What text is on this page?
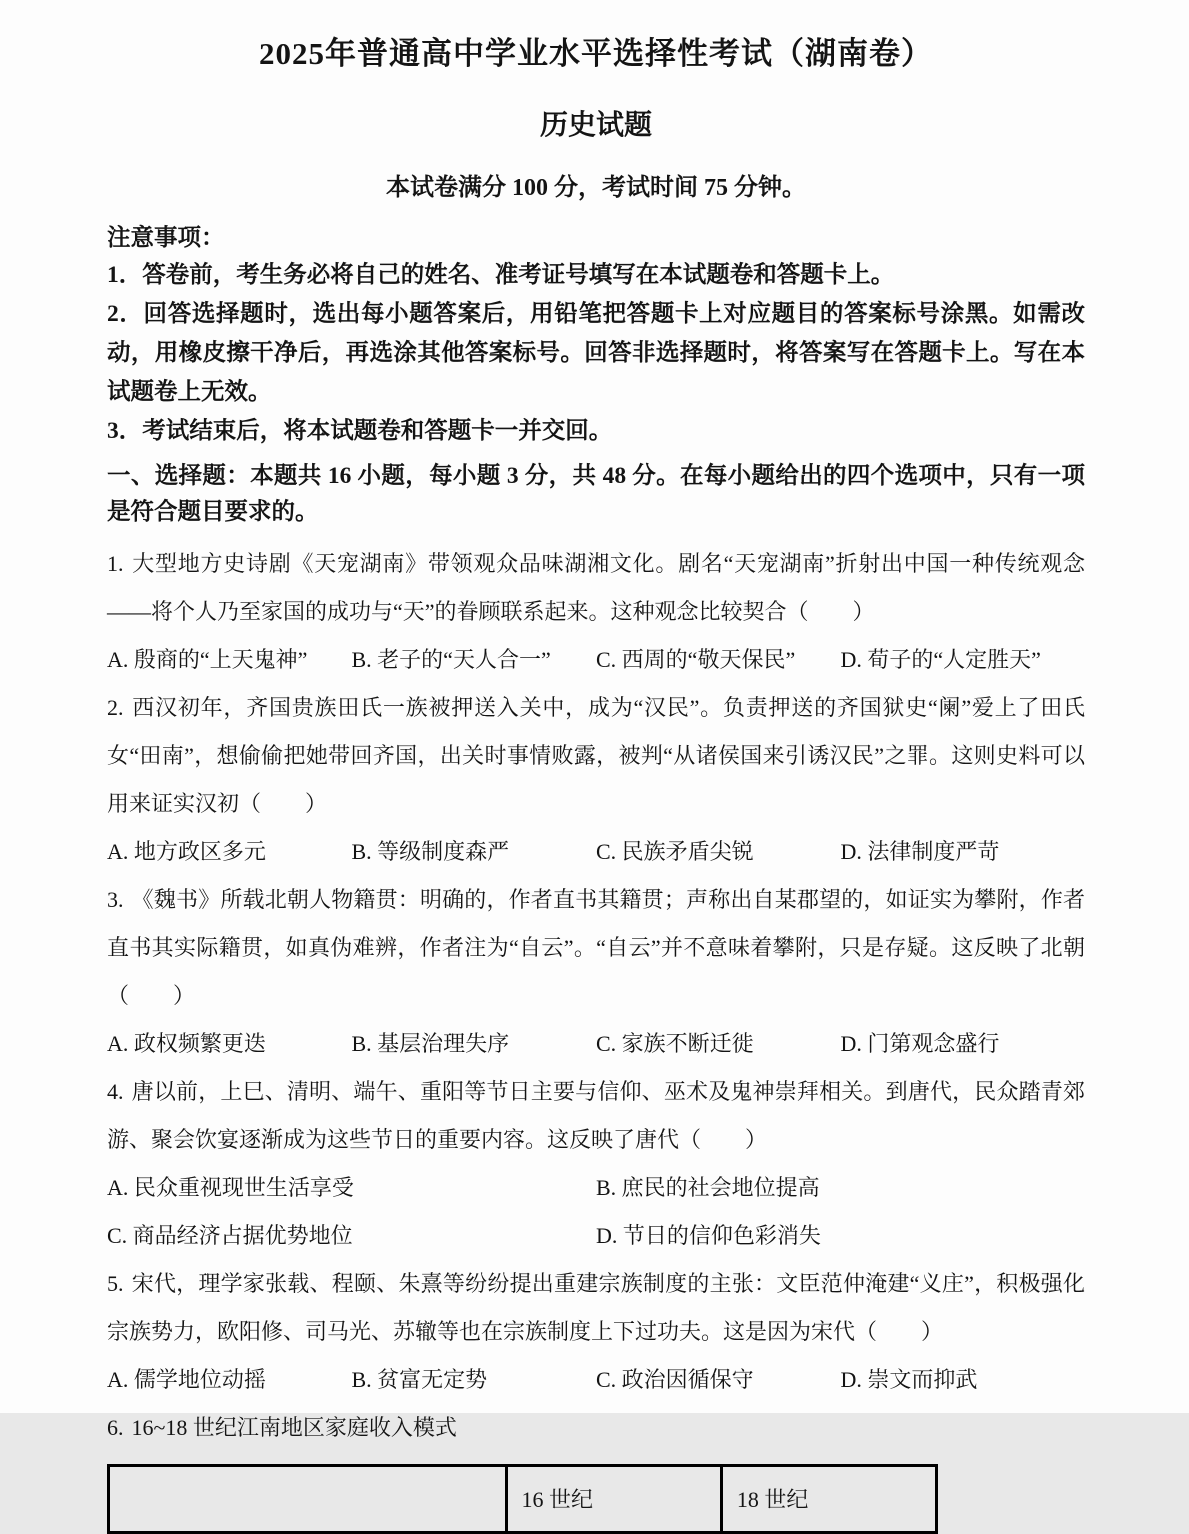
2025年普通高中学业水平选择性考试（湖南卷）
历史试题
本试卷满分 100 分，考试时间 75 分钟。
注意事项：
1．答卷前，考生务必将自己的姓名、准考证号填写在本试题卷和答题卡上。
2．回答选择题时，选出每小题答案后，用铅笔把答题卡上对应题目的答案标号涂黑。如需改动，用橡皮擦干净后，再选涂其他答案标号。回答非选择题时，将答案写在答题卡上。写在本试题卷上无效。
3．考试结束后，将本试题卷和答题卡一并交回。
一、选择题：本题共 16 小题，每小题 3 分，共 48 分。在每小题给出的四个选项中，只有一项是符合题目要求的。
1. 大型地方史诗剧《天宠湖南》带领观众品味湖湘文化。剧名“天宠湖南”折射出中国一种传统观念——将个人乃至家国的成功与“天”的眷顾联系起来。这种观念比较契合（　　）
A. 殷商的“上天鬼神”	B. 老子的“天人合一”	C. 西周的“敬天保民”	D. 荀子的“人定胜天”
2. 西汉初年，齐国贵族田氏一族被押送入关中，成为“汉民”。负责押送的齐国狱史“阑”爱上了田氏女“田南”，想偷偷把她带回齐国，出关时事情败露，被判“从诸侯国来引诱汉民”之罪。这则史料可以用来证实汉初（　　）
A. 地方政区多元	B. 等级制度森严	C. 民族矛盾尖锐	D. 法律制度严苛
3. 《魏书》所载北朝人物籍贯：明确的，作者直书其籍贯；声称出自某郡望的，如证实为攀附，作者直书其实际籍贯，如真伪难辨，作者注为“自云”。“自云”并不意味着攀附，只是存疑。这反映了北朝（　　）
A. 政权频繁更迭	B. 基层治理失序	C. 家族不断迁徙	D. 门第观念盛行
4. 唐以前，上巳、清明、端午、重阳等节日主要与信仰、巫术及鬼神崇拜相关。到唐代，民众踏青郊游、聚会饮宴逐渐成为这些节日的重要内容。这反映了唐代（　　）
A. 民众重视现世生活享受	B. 庶民的社会地位提高
C. 商品经济占据优势地位	D. 节日的信仰色彩消失
5. 宋代，理学家张载、程颐、朱熹等纷纷提出重建宗族制度的主张：文臣范仲淹建“义庄”，积极强化宗族势力，欧阳修、司马光、苏辙等也在宗族制度上下过功夫。这是因为宋代（　　）
A. 儒学地位动摇	B. 贫富无定势	C. 政治因循保守	D. 崇文而抑武
6. 16~18 世纪江南地区家庭收入模式
	16 世纪	18 世纪
